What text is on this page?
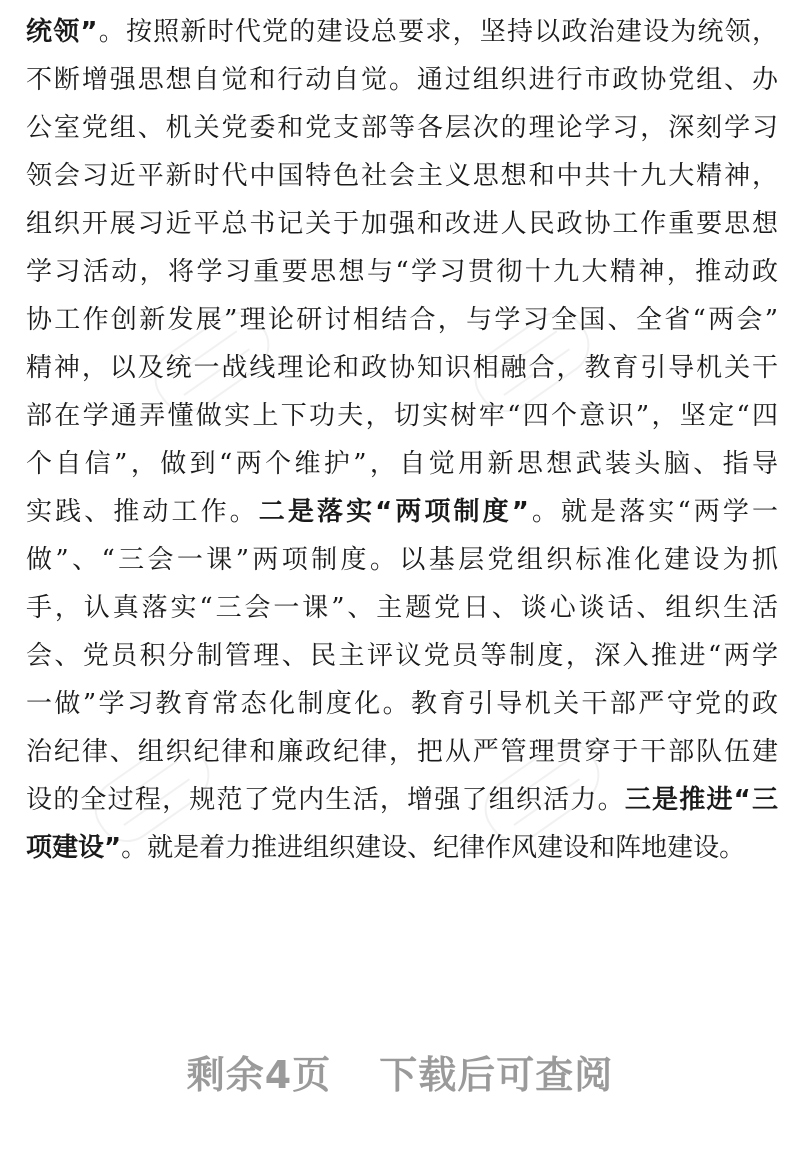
统领”。按照新时代党的建设总要求，坚持以政治建设为统领，
不断增强思想自觉和行动自觉。通过组织进行市政协党组、办
公室党组、机关党委和党支部等各层次的理论学习，深刻学习
领会习近平新时代中国特色社会主义思想和中共十九大精神，
组织开展习近平总书记关于加强和改进人民政协工作重要思想
学习活动，将学习重要思想与“学习贯彻十九大精神，推动政
协工作创新发展”理论研讨相结合，与学习全国、全省“两会”
精神，以及统一战线理论和政协知识相融合，教育引导机关干
部在学通弄懂做实上下功夫，切实树牢“四个意识”，坚定“四
个自信”，做到“两个维护”，自觉用新思想武装头脑、指导
实践、推动工作。二是落实“两项制度”。就是落实“两学一
做”、“三会一课”两项制度。以基层党组织标准化建设为抓
手，认真落实“三会一课”、主题党日、谈心谈话、组织生活
会、党员积分制管理、民主评议党员等制度，深入推进“两学
一做”学习教育常态化制度化。教育引导机关干部严守党的政
治纪律、组织纪律和廉政纪律，把从严管理贯穿于干部队伍建
设的全过程，规范了党内生活，增强了组织活力。三是推进“三
项建设”。就是着力推进组织建设、纪律作风建设和阵地建设。
剩余4页 下载后可查阅
